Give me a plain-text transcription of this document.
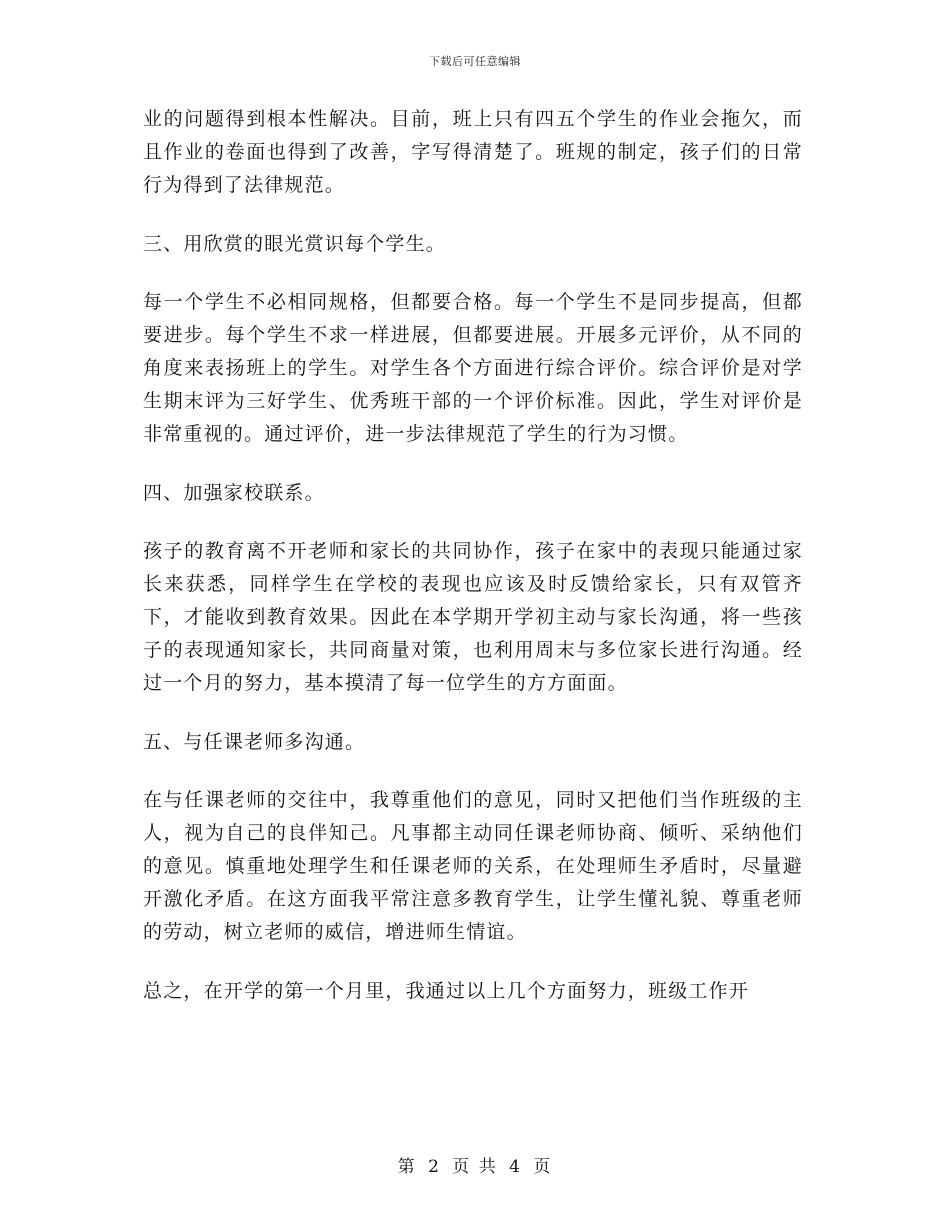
下载后可任意编辑

业的问题得到根本性解决。目前，班上只有四五个学生的作业会拖欠，而且作业的卷面也得到了改善，字写得清楚了。班规的制定，孩子们的日常行为得到了法律规范。

三、用欣赏的眼光赏识每个学生。

每一个学生不必相同规格，但都要合格。每一个学生不是同步提高，但都要进步。每个学生不求一样进展，但都要进展。开展多元评价，从不同的角度来表扬班上的学生。对学生各个方面进行综合评价。综合评价是对学生期末评为三好学生、优秀班干部的一个评价标准。因此，学生对评价是非常重视的。通过评价，进一步法律规范了学生的行为习惯。

四、加强家校联系。

孩子的教育离不开老师和家长的共同协作，孩子在家中的表现只能通过家长来获悉，同样学生在学校的表现也应该及时反馈给家长，只有双管齐下，才能收到教育效果。因此在本学期开学初主动与家长沟通，将一些孩子的表现通知家长，共同商量对策，也利用周末与多位家长进行沟通。经过一个月的努力，基本摸清了每一位学生的方方面面。

五、与任课老师多沟通。

在与任课老师的交往中，我尊重他们的意见，同时又把他们当作班级的主人，视为自己的良伴知己。凡事都主动同任课老师协商、倾听、采纳他们的意见。慎重地处理学生和任课老师的关系，在处理师生矛盾时，尽量避开激化矛盾。在这方面我平常注意多教育学生，让学生懂礼貌、尊重老师的劳动，树立老师的威信，增进师生情谊。

总之，在开学的第一个月里，我通过以上几个方面努力，班级工作开

第 2 页 共 4 页
